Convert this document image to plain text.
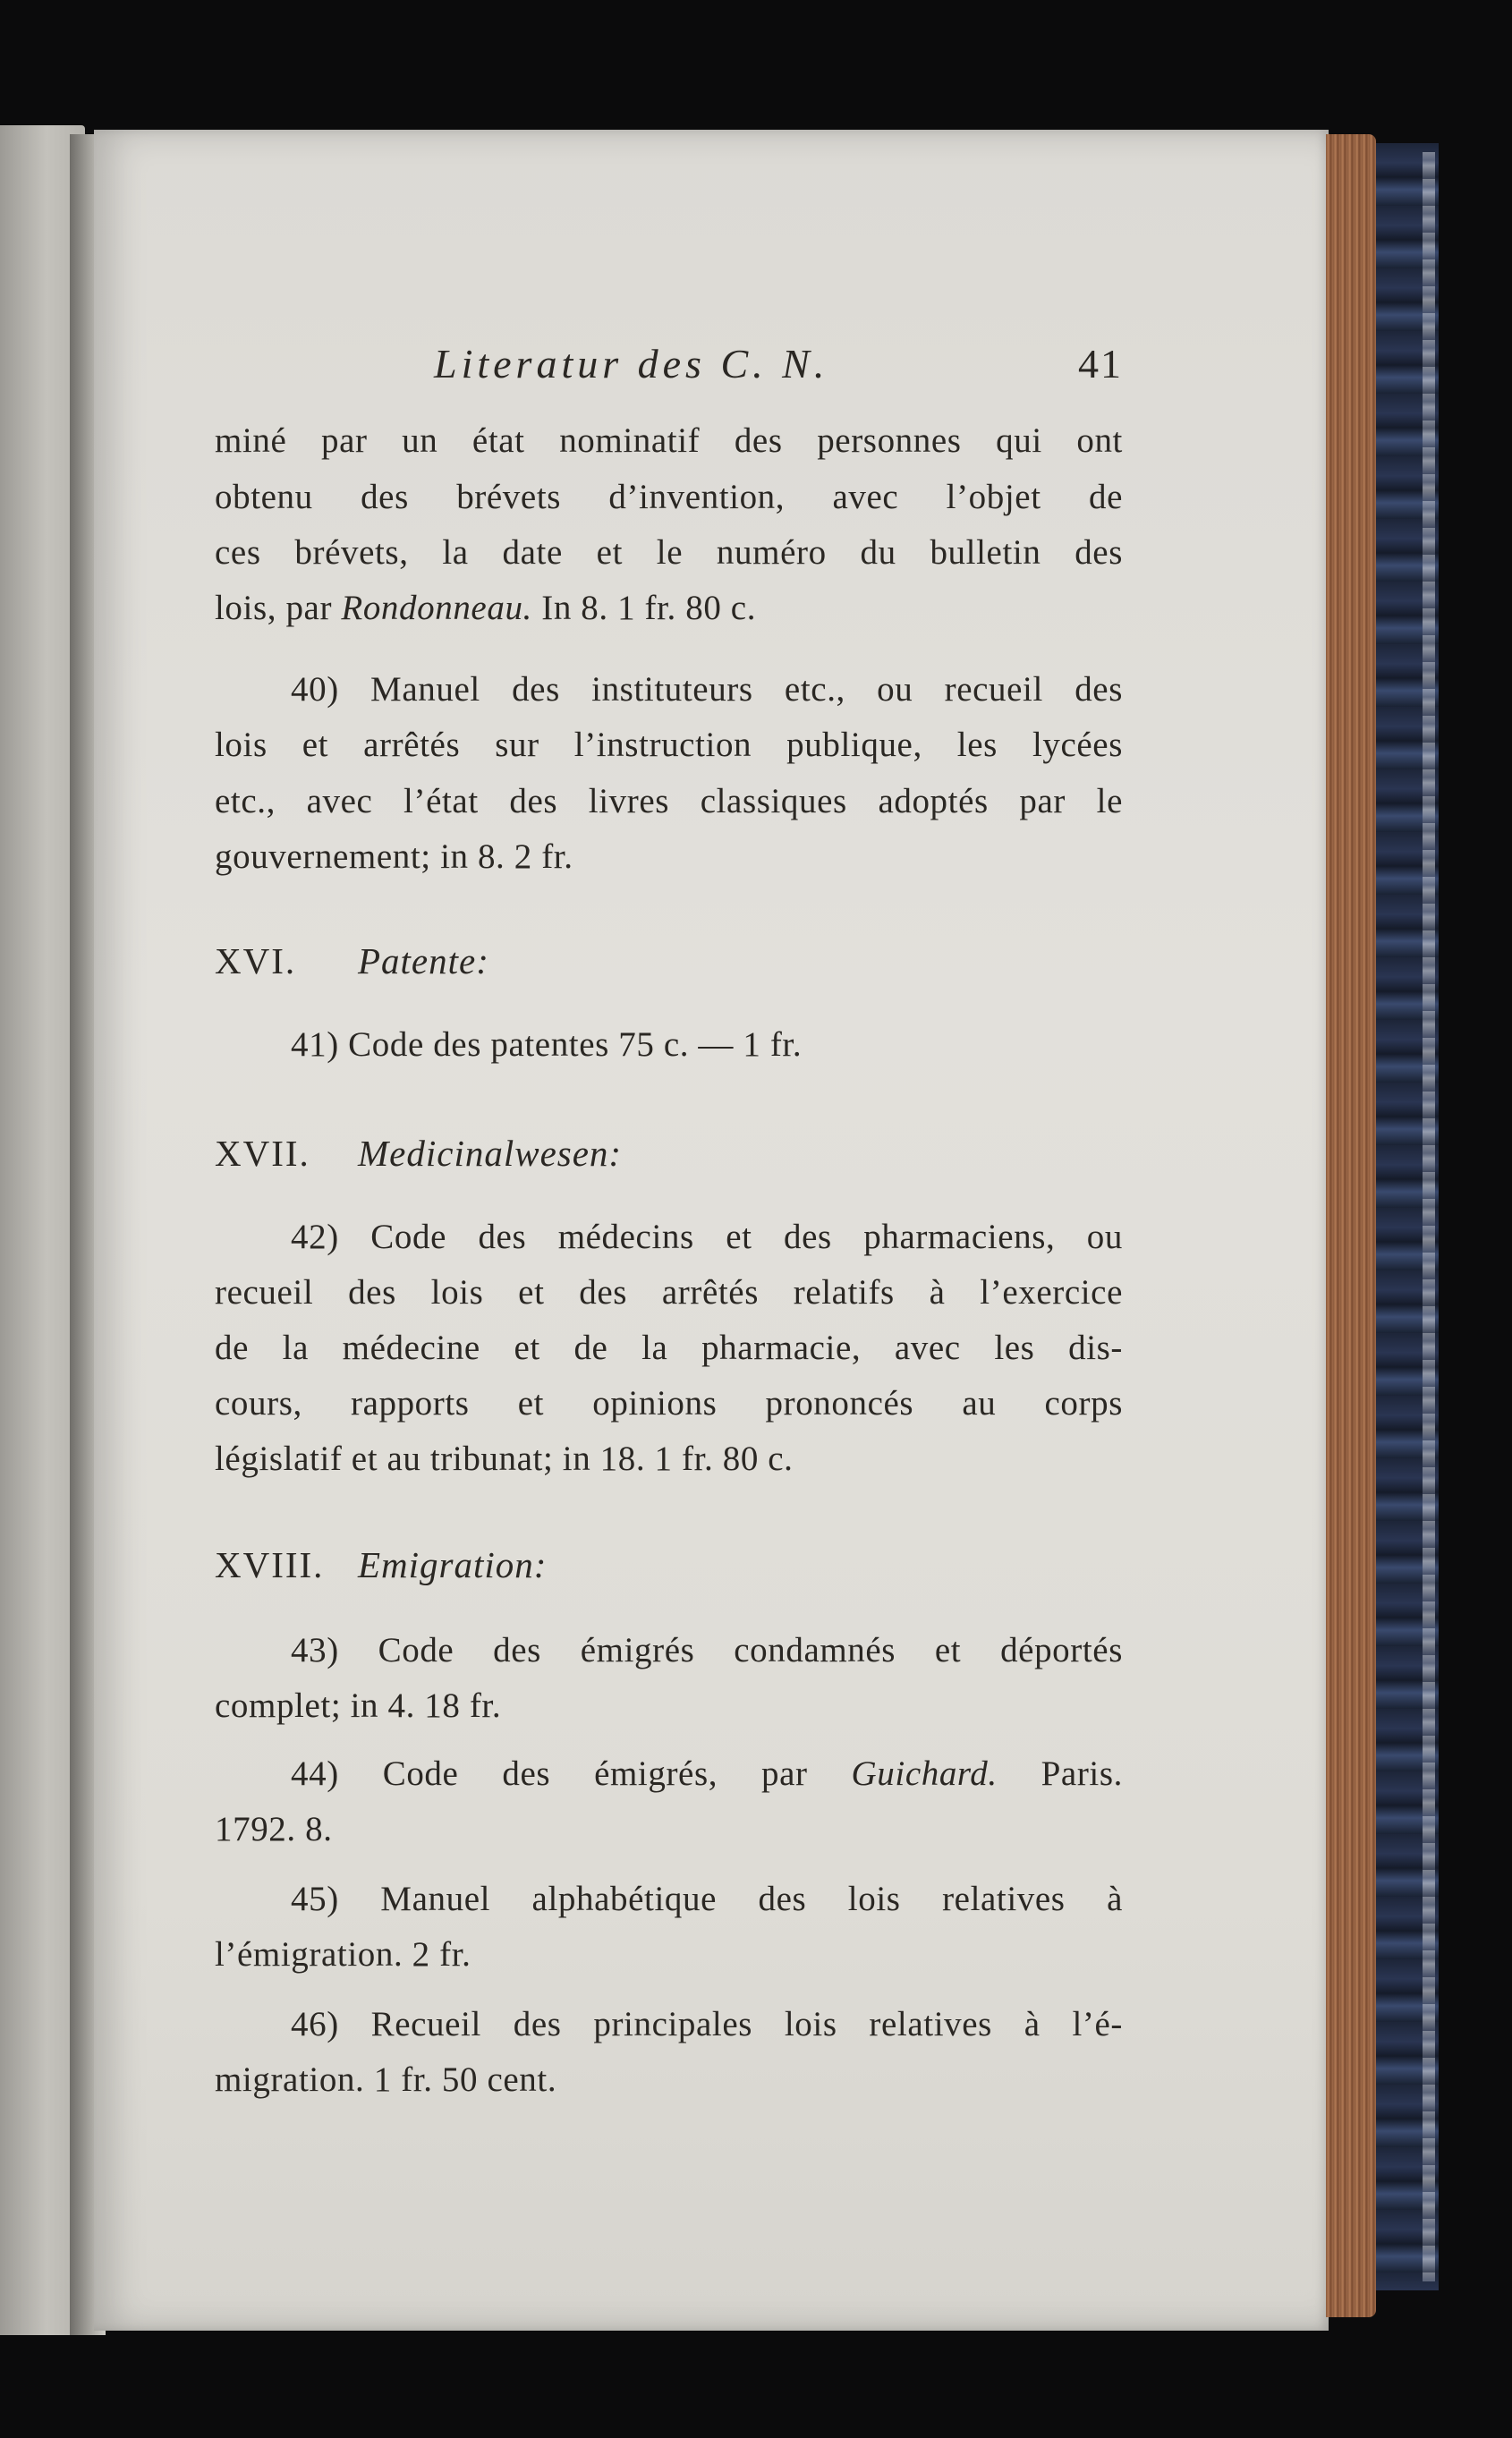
Literatur des C. N.	41
miné par un état nominatif des personnes qui ont
obtenu des brévets d’invention, avec l’objet de
ces brévets, la date et le numéro du bulletin des
lois, par Rondonneau. In 8. 1 fr. 80 c.
40) Manuel des instituteurs etc., ou recueil des
lois et arrêtés sur l’instruction publique, les lycées
etc., avec l’état des livres classiques adoptés par le
gouvernement; in 8. 2 fr.
XVI. Patente:
41) Code des patentes 75 c. — 1 fr.
XVII. Medicinalwesen:
42) Code des médecins et des pharmaciens, ou
recueil des lois et des arrêtés relatifs à l’exercice
de la médecine et de la pharmacie, avec les dis-
cours, rapports et opinions prononcés au corps
législatif et au tribunat; in 18. 1 fr. 80 c.
XVIII. Emigration:
43) Code des émigrés condamnés et déportés
complet; in 4. 18 fr.
44) Code des émigrés, par Guichard. Paris.
1792. 8.
45) Manuel alphabétique des lois relatives à
l’émigration. 2 fr.
46) Recueil des principales lois relatives à l’é-
migration. 1 fr. 50 cent.
